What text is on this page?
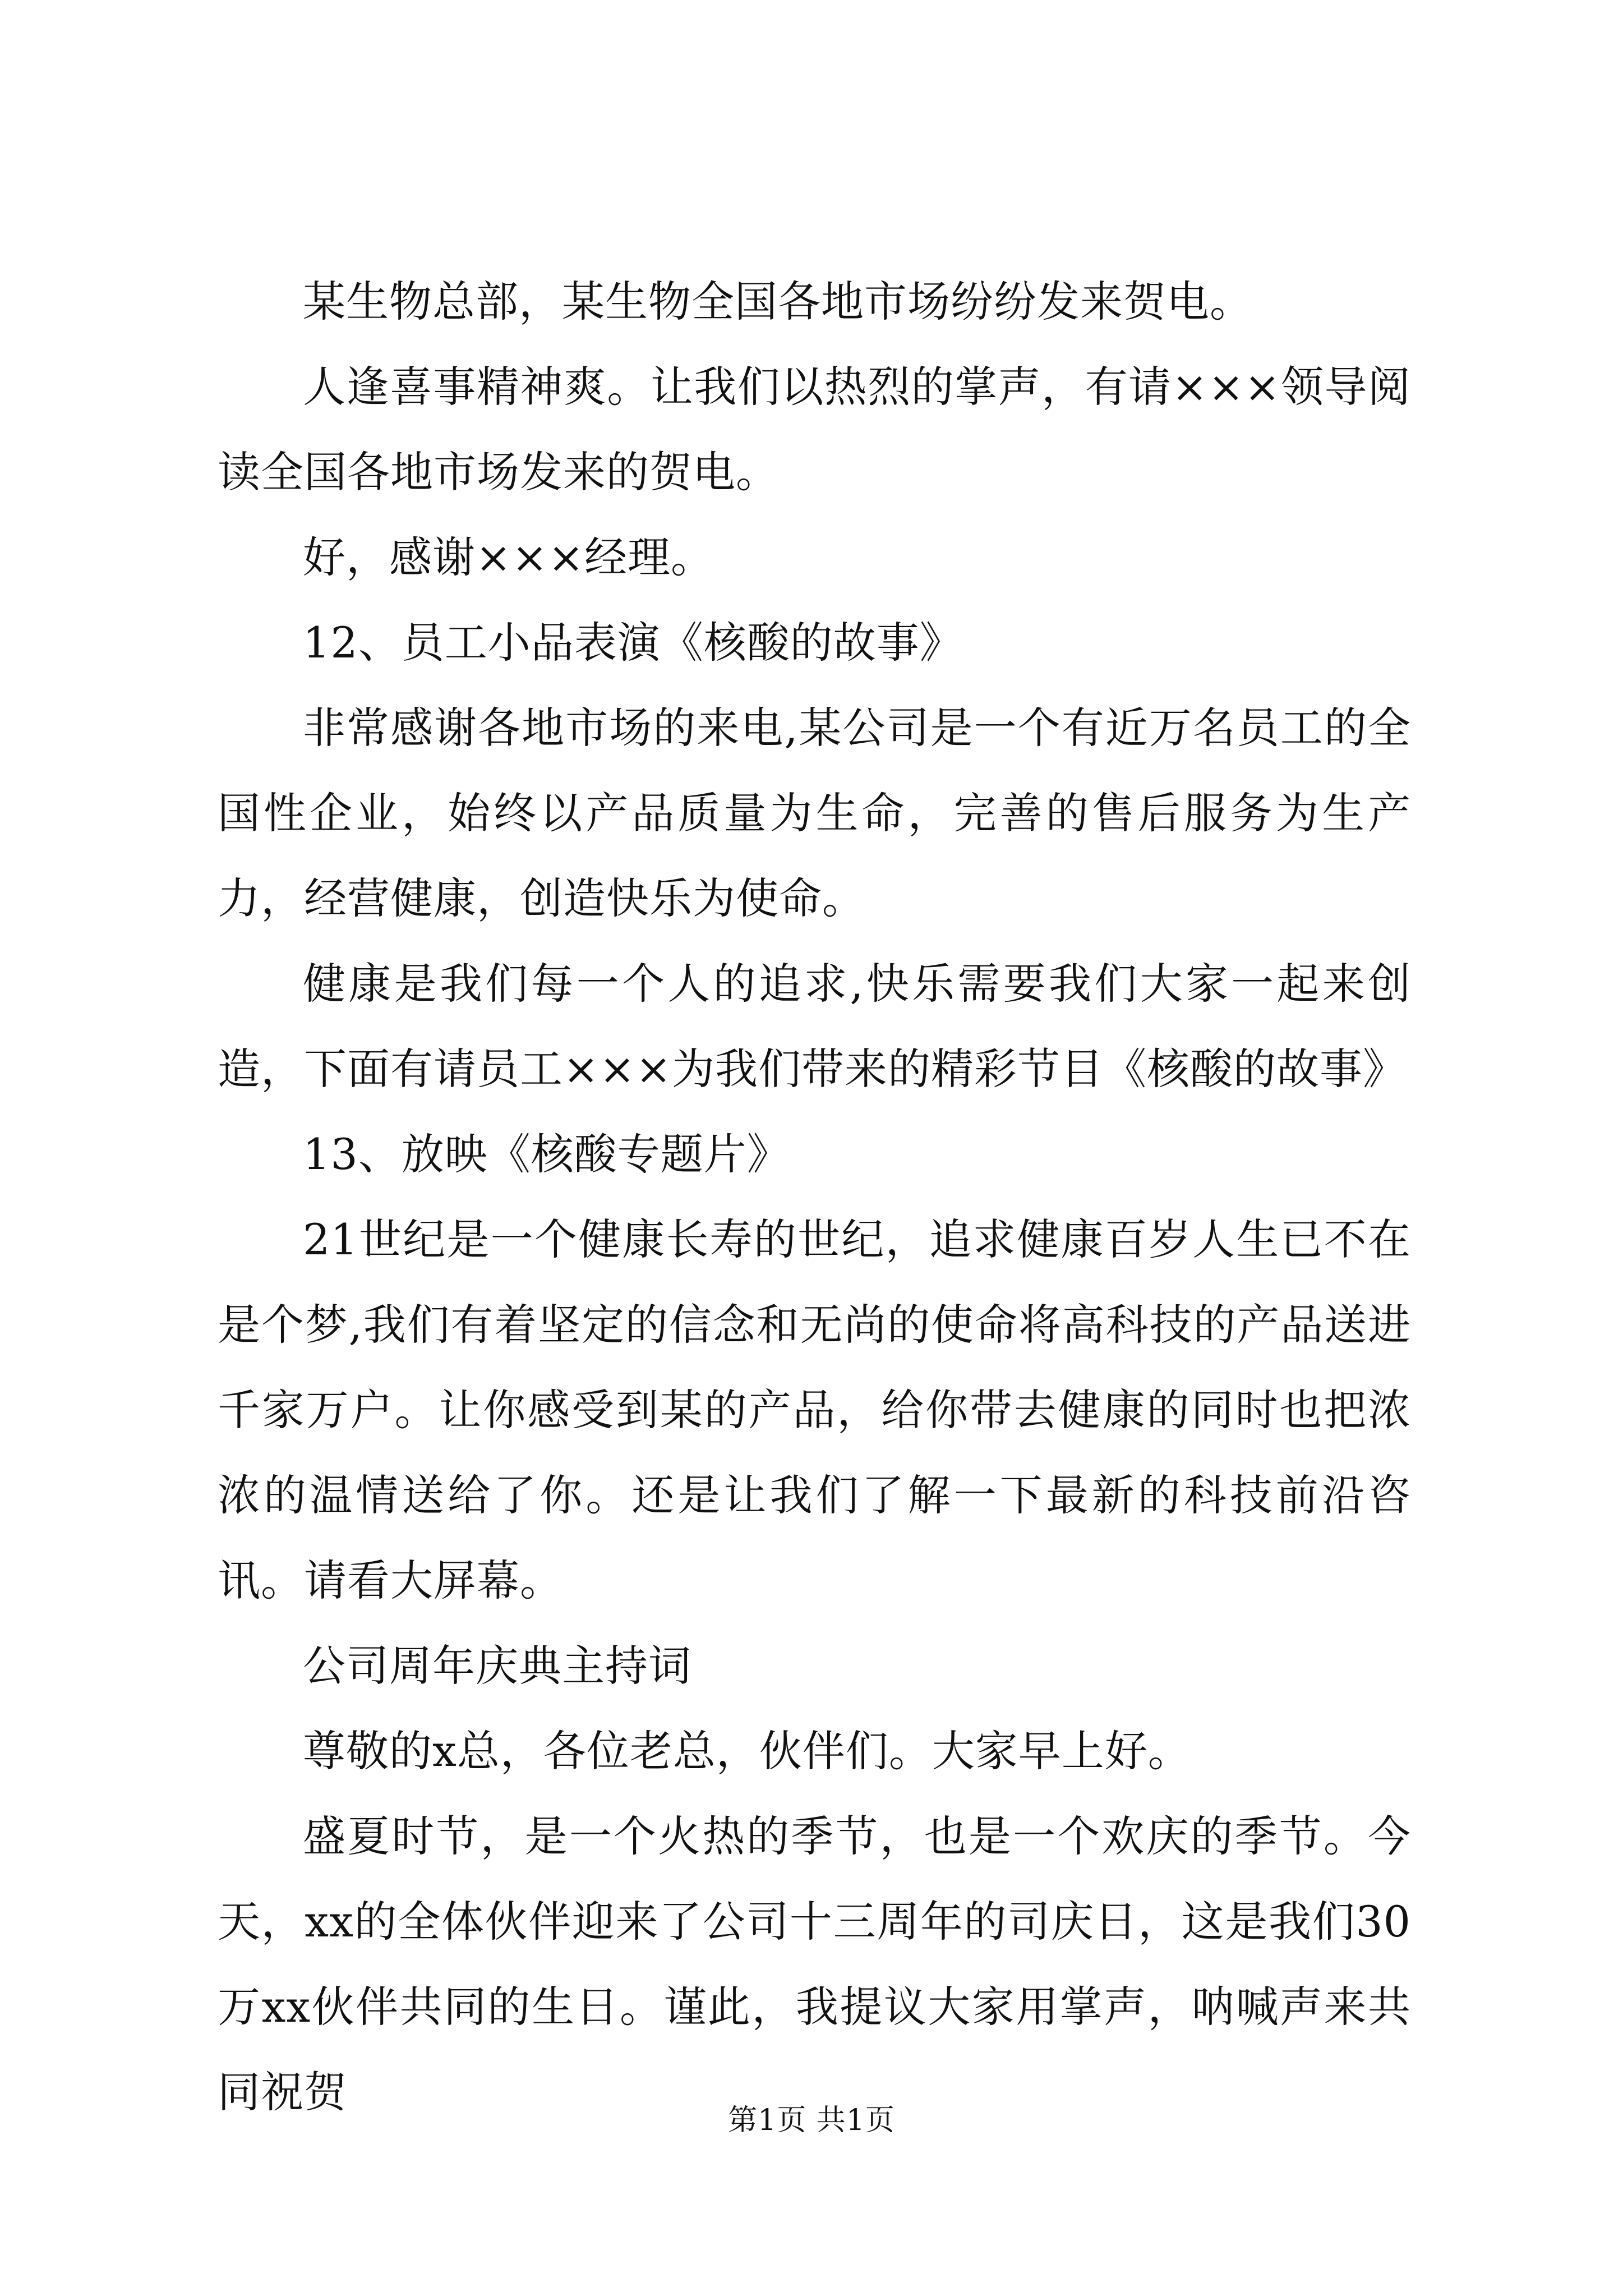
某生物总部，某生物全国各地市场纷纷发来贺电。

人逢喜事精神爽。让我们以热烈的掌声，有请×××领导阅读全国各地市场发来的贺电。

好，感谢×××经理。

12、员工小品表演《核酸的故事》

非常感谢各地市场的来电,某公司是一个有近万名员工的全国性企业，始终以产品质量为生命，完善的售后服务为生产力，经营健康，创造快乐为使命。

健康是我们每一个人的追求,快乐需要我们大家一起来创造，下面有请员工×××为我们带来的精彩节目《核酸的故事》

13、放映《核酸专题片》

21世纪是一个健康长寿的世纪，追求健康百岁人生已不在是个梦,我们有着坚定的信念和无尚的使命将高科技的产品送进千家万户。让你感受到某的产品，给你带去健康的同时也把浓浓的温情送给了你。还是让我们了解一下最新的科技前沿咨讯。请看大屏幕。

公司周年庆典主持词

尊敬的x总，各位老总，伙伴们。大家早上好。

盛夏时节，是一个火热的季节，也是一个欢庆的季节。今天，xx的全体伙伴迎来了公司十三周年的司庆日，这是我们30万xx伙伴共同的生日。谨此，我提议大家用掌声，呐喊声来共同祝贺

第1页 共1页
